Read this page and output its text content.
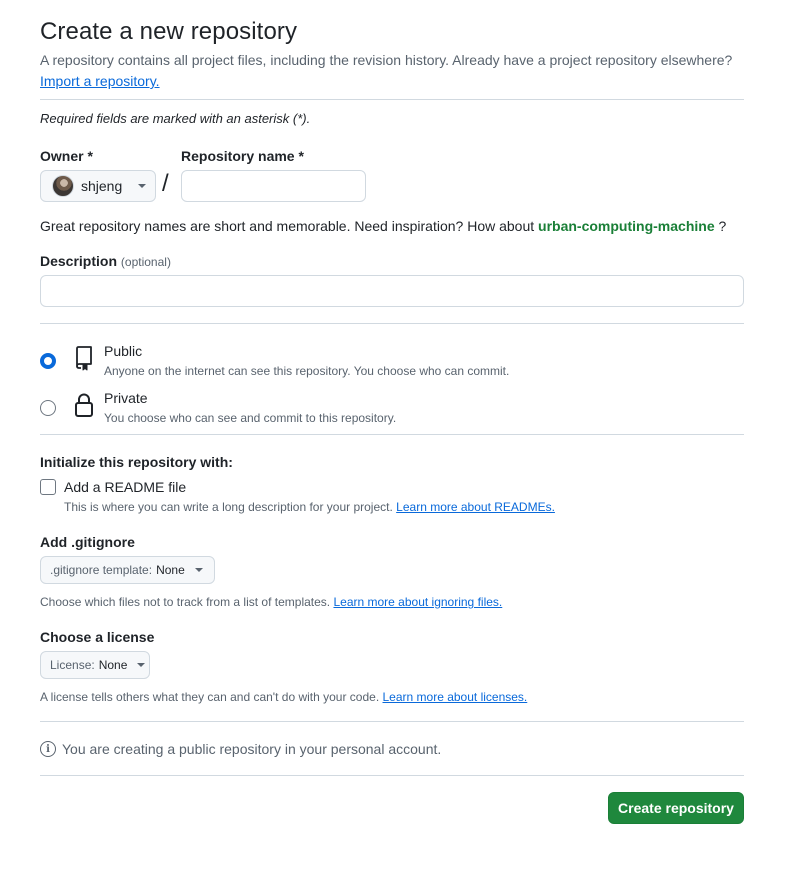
Create a new repository
A repository contains all project files, including the revision history. Already have a project repository elsewhere?
Import a repository.
Required fields are marked with an asterisk (*).
Owner *
shjeng /
Repository name *
Great repository names are short and memorable. Need inspiration? How about urban-computing-machine ?
Description (optional)
Public
Anyone on the internet can see this repository. You choose who can commit.
Private
You choose who can see and commit to this repository.
Initialize this repository with:
Add a README file
This is where you can write a long description for your project. Learn more about READMEs.
Add .gitignore
.gitignore template: None
Choose which files not to track from a list of templates. Learn more about ignoring files.
Choose a license
License: None
A license tells others what they can and can't do with your code. Learn more about licenses.
i You are creating a public repository in your personal account.
Create repository
